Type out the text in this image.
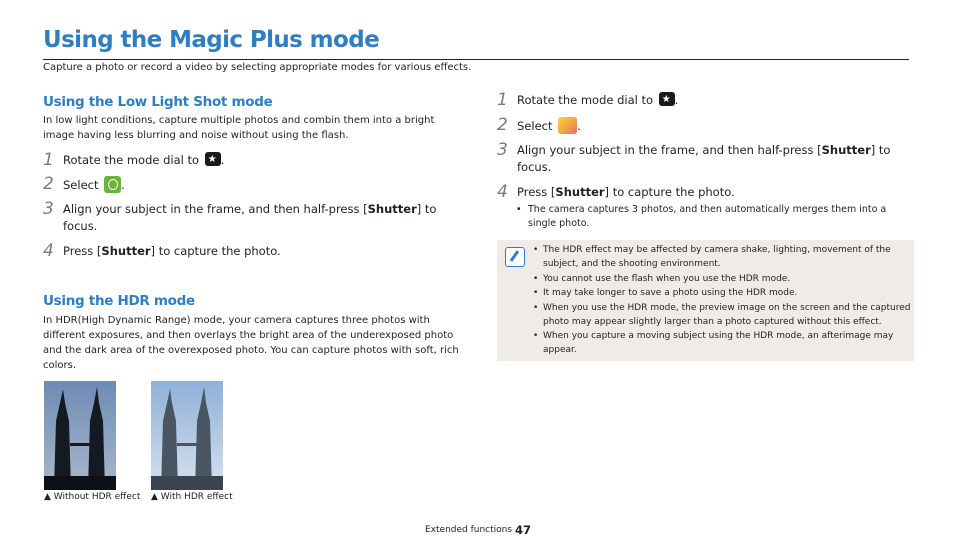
Using the Magic Plus mode
Capture a photo or record a video by selecting appropriate modes for various effects.
Using the Low Light Shot mode
In low light conditions, capture multiple photos and combin them into a bright
image having less blurring and noise without using the flash.
1 Rotate the mode dial to ★ .
2 Select .
3 Align your subject in the frame, and then half-press [Shutter] to focus.
4 Press [Shutter] to capture the photo.
Using the HDR mode
In HDR(High Dynamic Range) mode, your camera captures three photos with
different exposures, and then overlays the bright area of the underexposed photo
and the dark area of the overexposed photo. You can capture photos with soft, rich
colors.
▲ Without HDR effect ▲ With HDR effect
1 Rotate the mode dial to ★ .
2 Select .
3 Align your subject in the frame, and then half-press [Shutter] to focus.
4 Press [Shutter] to capture the photo.
• The camera captures 3 photos, and then automatically merges them into a single photo.
• The HDR effect may be affected by camera shake, lighting, movement of the subject, and the shooting environment.
• You cannot use the flash when you use the HDR mode.
• It may take longer to save a photo using the HDR mode.
• When you use the HDR mode, the preview image on the screen and the captured photo may appear slightly larger than a photo captured without this effect.
• When you capture a moving subject using the HDR mode, an afterimage may appear.
Extended functions 47
